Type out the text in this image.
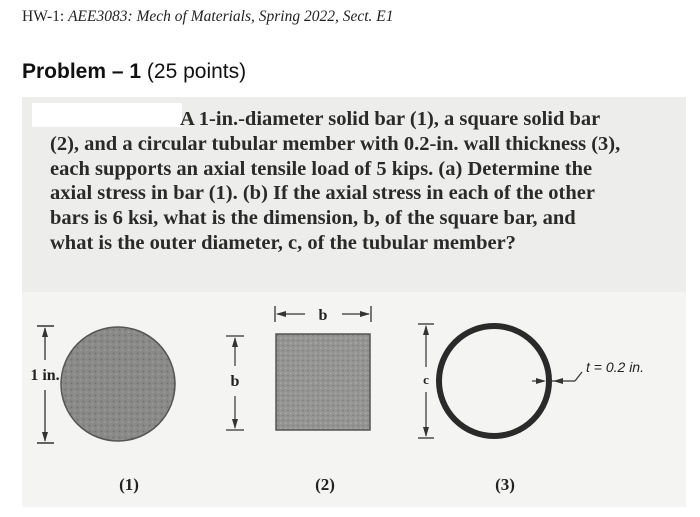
HW-1: AEE3083: Mech of Materials, Spring 2022, Sect. E1
Problem – 1 (25 points)
A 1-in.-diameter solid bar (1), a square solid bar
(2), and a circular tubular member with 0.2-in. wall thickness (3),
each supports an axial tensile load of 5 kips. (a) Determine the
axial stress in bar (1). (b) If the axial stress in each of the other
bars is 6 ksi, what is the dimension, b, of the square bar, and
what is the outer diameter, c, of the tubular member?
1 in.
(1)
b
b
(2)
c
t = 0.2 in.
(3)
